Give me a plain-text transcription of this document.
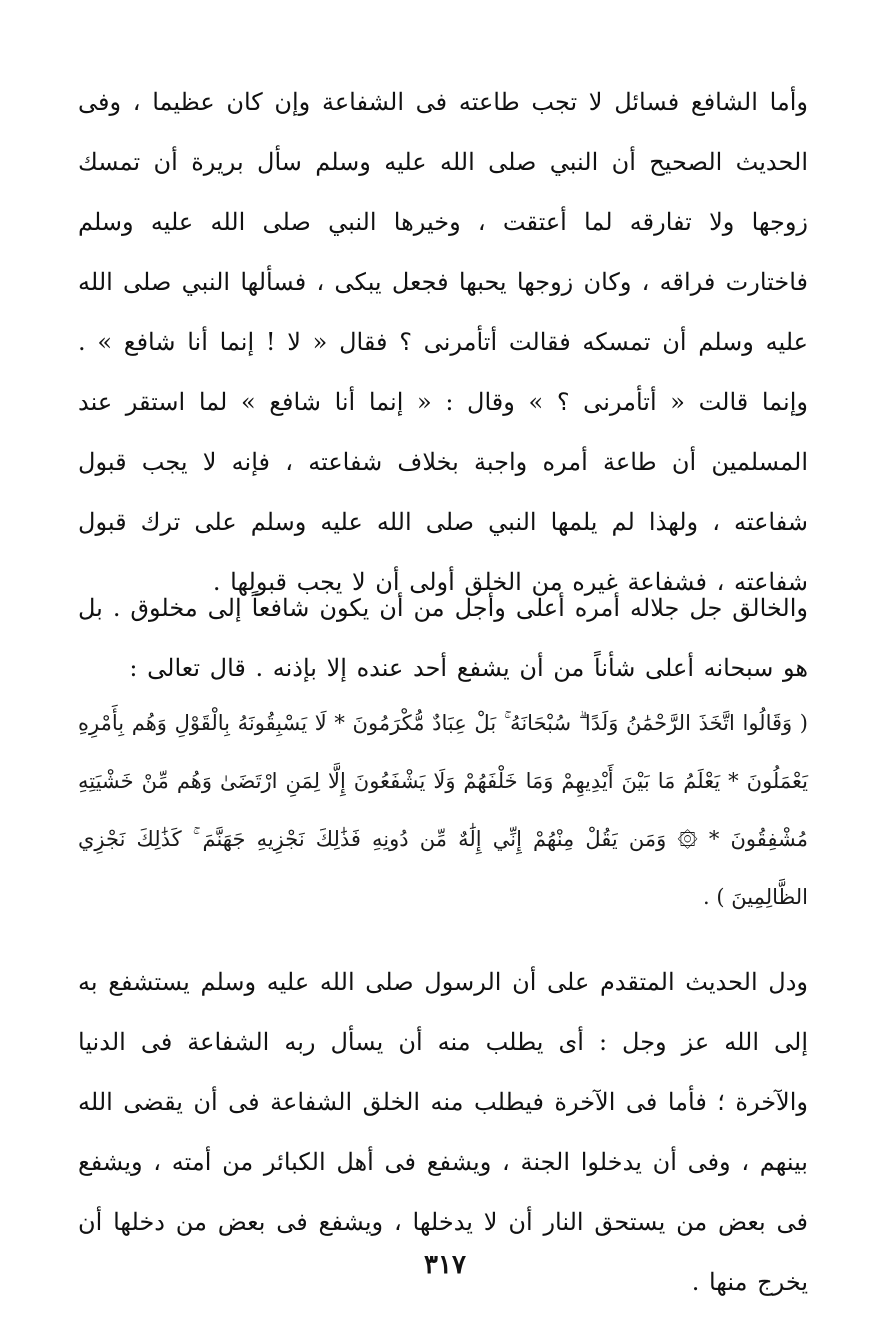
وأما الشافع فسائل لا تجب طاعته فى الشفاعة وإن كان عظيما ، وفى الحديث الصحيح أن النبي صلى الله عليه وسلم سأل بريرة أن تمسك زوجها ولا تفارقه لما أعتقت ، وخيرها النبي صلى الله عليه وسلم فاختارت فراقه ، وكان زوجها يحبها فجعل يبكى ، فسألها النبي صلى الله عليه وسلم أن تمسكه فقالت أتأمرنى ؟ فقال « لا ! إنما أنا شافع » . وإنما قالت « أتأمرنى ؟ » وقال : « إنما أنا شافع » لما استقر عند المسلمين أن طاعة أمره واجبة بخلاف شفاعته ، فإنه لا يجب قبول شفاعته ، ولهذا لم يلمها النبي صلى الله عليه وسلم على ترك قبول شفاعته ، فشفاعة غيره من الخلق أولى أن لا يجب قبولها .

والخالق جل جلاله أمره أعلى وأجل من أن يكون شافعاً إلى مخلوق . بل هو سبحانه أعلى شأناً من أن يشفع أحد عنده إلا بإذنه . قال تعالى :

( وَقَالُوا اتَّخَذَ الرَّحْمَٰنُ وَلَدًا ۗ سُبْحَانَهُ ۚ بَلْ عِبَادٌ مُّكْرَمُونَ * لَا يَسْبِقُونَهُ بِالْقَوْلِ وَهُم بِأَمْرِهِ يَعْمَلُونَ * يَعْلَمُ مَا بَيْنَ أَيْدِيهِمْ وَمَا خَلْفَهُمْ وَلَا يَشْفَعُونَ إِلَّا لِمَنِ ارْتَضَىٰ وَهُم مِّنْ خَشْيَتِهِ مُشْفِقُونَ * ۞ وَمَن يَقُلْ مِنْهُمْ إِنِّي إِلَٰهٌ مِّن دُونِهِ فَذَٰلِكَ نَجْزِيهِ جَهَنَّمَ ۚ كَذَٰلِكَ نَجْزِي الظَّالِمِينَ ) .

ودل الحديث المتقدم على أن الرسول صلى الله عليه وسلم يستشفع به إلى الله عز وجل : أى يطلب منه أن يسأل ربه الشفاعة فى الدنيا والآخرة ؛ فأما فى الآخرة فيطلب منه الخلق الشفاعة فى أن يقضى الله بينهم ، وفى أن يدخلوا الجنة ، ويشفع فى أهل الكبائر من أمته ، ويشفع فى بعض من يستحق النار أن لا يدخلها ، ويشفع فى بعض من دخلها أن يخرج منها .

٣١٧
